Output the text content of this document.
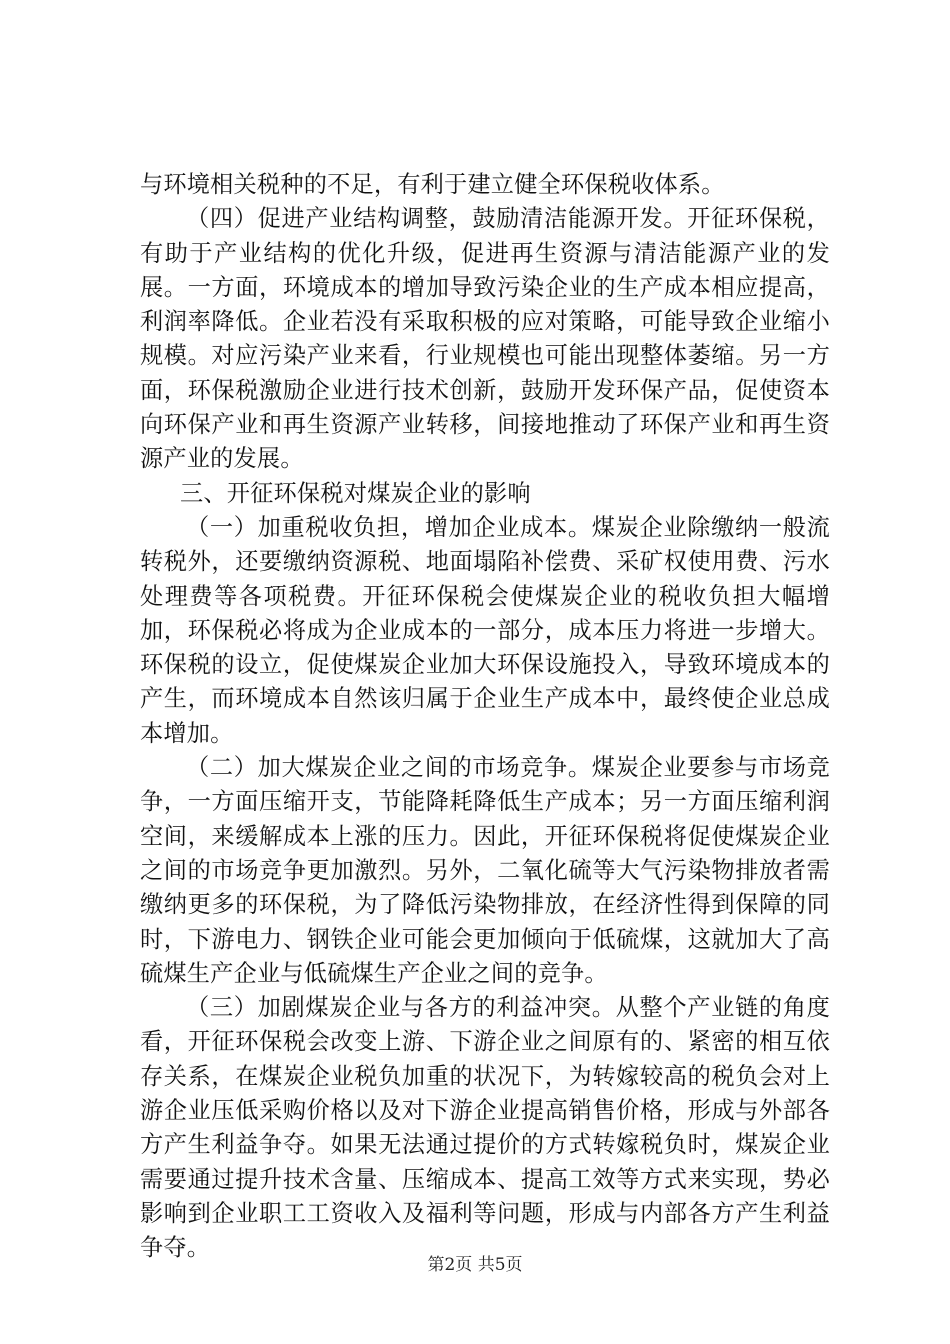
与环境相关税种的不足，有利于建立健全环保税收体系。

（四）促进产业结构调整，鼓励清洁能源开发。开征环保税，有助于产业结构的优化升级，促进再生资源与清洁能源产业的发展。一方面，环境成本的增加导致污染企业的生产成本相应提高，利润率降低。企业若没有采取积极的应对策略，可能导致企业缩小规模。对应污染产业来看，行业规模也可能出现整体萎缩。另一方面，环保税激励企业进行技术创新，鼓励开发环保产品，促使资本向环保产业和再生资源产业转移，间接地推动了环保产业和再生资源产业的发展。

三、开征环保税对煤炭企业的影响

（一）加重税收负担，增加企业成本。煤炭企业除缴纳一般流转税外，还要缴纳资源税、地面塌陷补偿费、采矿权使用费、污水处理费等各项税费。开征环保税会使煤炭企业的税收负担大幅增加，环保税必将成为企业成本的一部分，成本压力将进一步增大。环保税的设立，促使煤炭企业加大环保设施投入，导致环境成本的产生，而环境成本自然该归属于企业生产成本中，最终使企业总成本增加。

（二）加大煤炭企业之间的市场竞争。煤炭企业要参与市场竞争，一方面压缩开支，节能降耗降低生产成本；另一方面压缩利润空间，来缓解成本上涨的压力。因此，开征环保税将促使煤炭企业之间的市场竞争更加激烈。另外，二氧化硫等大气污染物排放者需缴纳更多的环保税，为了降低污染物排放，在经济性得到保障的同时，下游电力、钢铁企业可能会更加倾向于低硫煤，这就加大了高硫煤生产企业与低硫煤生产企业之间的竞争。

（三）加剧煤炭企业与各方的利益冲突。从整个产业链的角度看，开征环保税会改变上游、下游企业之间原有的、紧密的相互依存关系，在煤炭企业税负加重的状况下，为转嫁较高的税负会对上游企业压低采购价格以及对下游企业提高销售价格，形成与外部各方产生利益争夺。如果无法通过提价的方式转嫁税负时，煤炭企业需要通过提升技术含量、压缩成本、提高工效等方式来实现，势必影响到企业职工工资收入及福利等问题，形成与内部各方产生利益争夺。

第2页 共5页
